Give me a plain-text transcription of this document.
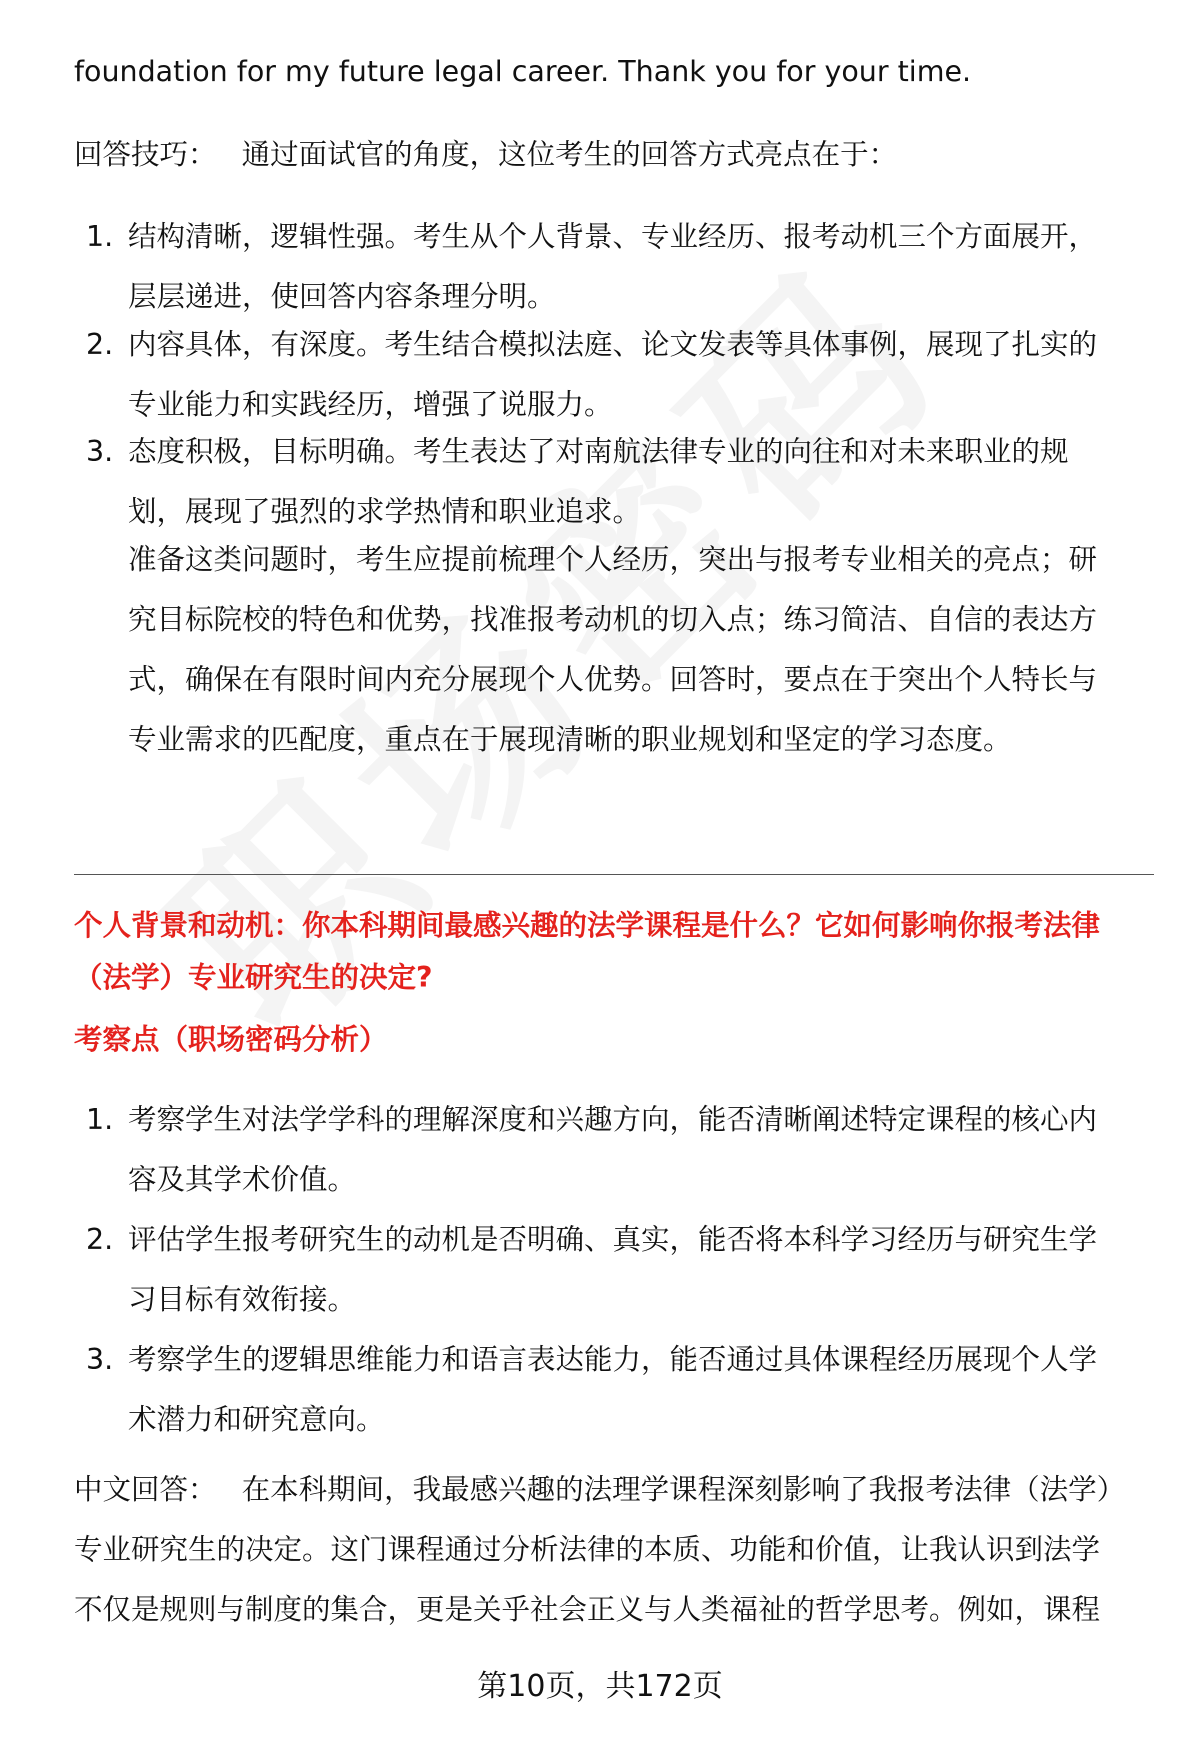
foundation for my future legal career. Thank you for your time.
回答技巧： 通过面试官的角度，这位考生的回答方式亮点在于：
1. 结构清晰，逻辑性强。考生从个人背景、专业经历、报考动机三个方面展开，
层层递进，使回答内容条理分明。
2. 内容具体，有深度。考生结合模拟法庭、论文发表等具体事例，展现了扎实的
专业能力和实践经历，增强了说服力。
3. 态度积极，目标明确。考生表达了对南航法律专业的向往和对未来职业的规
划，展现了强烈的求学热情和职业追求。
准备这类问题时，考生应提前梳理个人经历，突出与报考专业相关的亮点；研
究目标院校的特色和优势，找准报考动机的切入点；练习简洁、自信的表达方
式，确保在有限时间内充分展现个人优势。回答时，要点在于突出个人特长与
专业需求的匹配度，重点在于展现清晰的职业规划和坚定的学习态度。
个人背景和动机：你本科期间最感兴趣的法学课程是什么？它如何影响你报考法律
（法学）专业研究生的决定?
考察点（职场密码分析）
1. 考察学生对法学学科的理解深度和兴趣方向，能否清晰阐述特定课程的核心内
容及其学术价值。
2. 评估学生报考研究生的动机是否明确、真实，能否将本科学习经历与研究生学
习目标有效衔接。
3. 考察学生的逻辑思维能力和语言表达能力，能否通过具体课程经历展现个人学
术潜力和研究意向。
中文回答： 在本科期间，我最感兴趣的法理学课程深刻影响了我报考法律（法学）
专业研究生的决定。这门课程通过分析法律的本质、功能和价值，让我认识到法学
不仅是规则与制度的集合，更是关乎社会正义与人类福祉的哲学思考。例如，课程
第10页，共172页
